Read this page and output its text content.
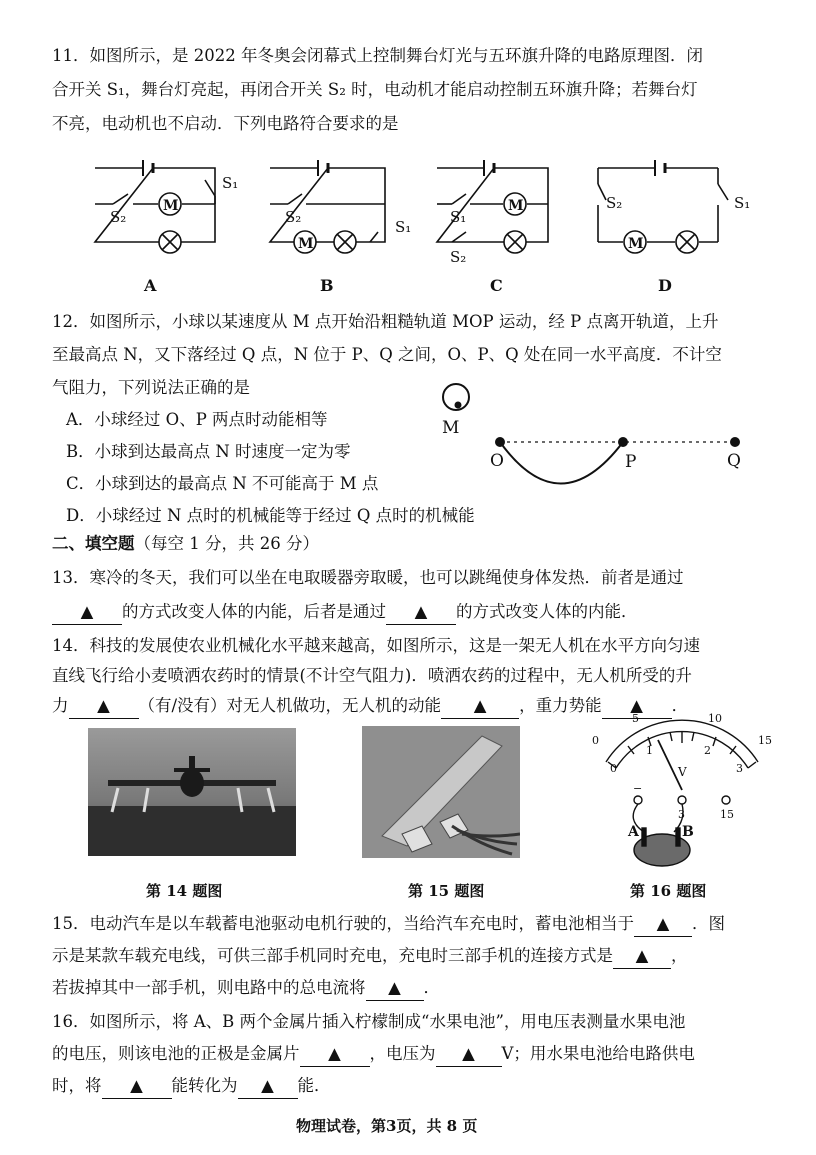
11．如图所示，是 2022 年冬奥会闭幕式上控制舞台灯光与五环旗升降的电路原理图．闭
合开关 S₁，舞台灯亮起，再闭合开关 S₂ 时，电动机才能启动控制五环旗升降；若舞台灯
不亮，电动机也不启动．下列电路符合要求的是
M
S₁
S₂
M
S₂
S₁
M
S₁
S₂
M
S₂	S₁
A	B	C	D
12．如图所示，小球以某速度从 M 点开始沿粗糙轨道 MOP 运动，经 P 点离开轨道，上升
至最高点 N，又下落经过 Q 点，N 位于 P、Q 之间，O、P、Q 处在同一水平高度．不计空
气阻力，下列说法正确的是
A．小球经过 O、P 两点时动能相等
B．小球到达最高点 N 时速度一定为零
C．小球到达的最高点 N 不可能高于 M 点
D．小球经过 N 点时的机械能等于经过 Q 点时的机械能
M
O	P	Q
二、填空题（每空 1 分，共 26 分）
13．寒冷的冬天，我们可以坐在电取暖器旁取暖，也可以跳绳使身体发热．前者是通过
▲ 的方式改变人体的内能，后者是通过 ▲ 的方式改变人体的内能．
14．科技的发展使农业机械化水平越来越高，如图所示，这是一架无人机在水平方向匀速
直线飞行给小麦喷洒农药时的情景(不计空气阻力)．喷洒农药的过程中，无人机所受的升
力 ▲ （有/没有）对无人机做功，无人机的动能 ▲ ，重力势能 ▲ ．
5	10
0	15
0
1	2
3
V
−
3	15
A	B
第 14 题图	第 15 题图	第 16 题图
15．电动汽车是以车载蓄电池驱动电机行驶的，当给汽车充电时，蓄电池相当于 ▲ ．图
示是某款车载充电线，可供三部手机同时充电，充电时三部手机的连接方式是 ▲ ，
若拔掉其中一部手机，则电路中的总电流将 ▲ ．
16．如图所示，将 A、B 两个金属片插入柠檬制成“水果电池”，用电压表测量水果电池
的电压，则该电池的正极是金属片 ▲ ，电压为 ▲ V；用水果电池给电路供电
时，将 ▲ 能转化为 ▲ 能．
物理试卷，第3页，共 8 页
